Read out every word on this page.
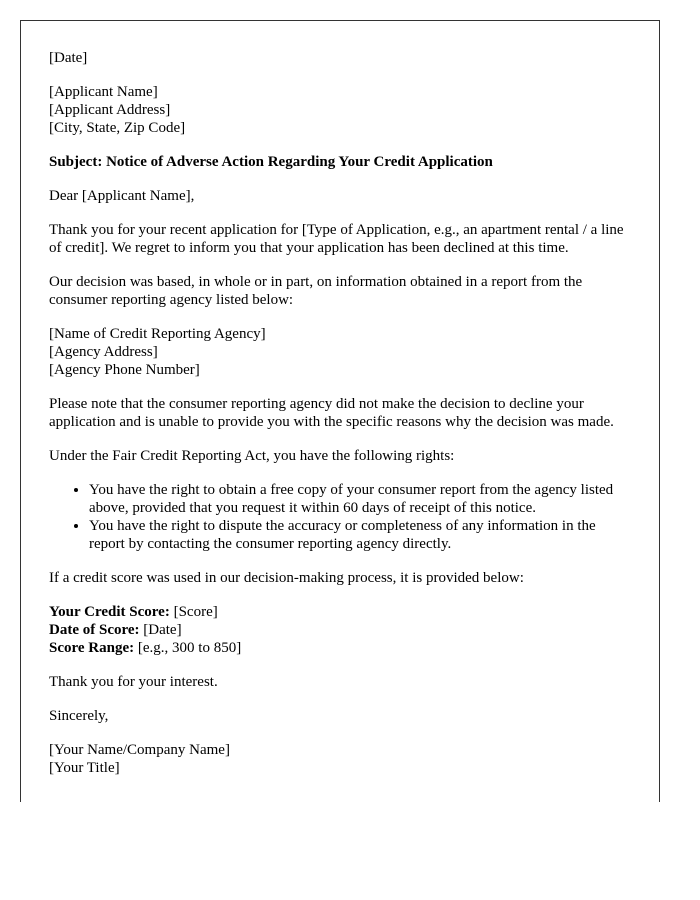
[Date]

[Applicant Name]
[Applicant Address]
[City, State, Zip Code]

Subject: Notice of Adverse Action Regarding Your Credit Application

Dear [Applicant Name],

Thank you for your recent application for [Type of Application, e.g., an apartment rental / a line of credit]. We regret to inform you that your application has been declined at this time.

Our decision was based, in whole or in part, on information obtained in a report from the consumer reporting agency listed below:

[Name of Credit Reporting Agency]
[Agency Address]
[Agency Phone Number]

Please note that the consumer reporting agency did not make the decision to decline your application and is unable to provide you with the specific reasons why the decision was made.

Under the Fair Credit Reporting Act, you have the following rights:

• You have the right to obtain a free copy of your consumer report from the agency listed above, provided that you request it within 60 days of receipt of this notice.
• You have the right to dispute the accuracy or completeness of any information in the report by contacting the consumer reporting agency directly.

If a credit score was used in our decision-making process, it is provided below:

Your Credit Score: [Score]
Date of Score: [Date]
Score Range: [e.g., 300 to 850]

Thank you for your interest.

Sincerely,

[Your Name/Company Name]
[Your Title]
